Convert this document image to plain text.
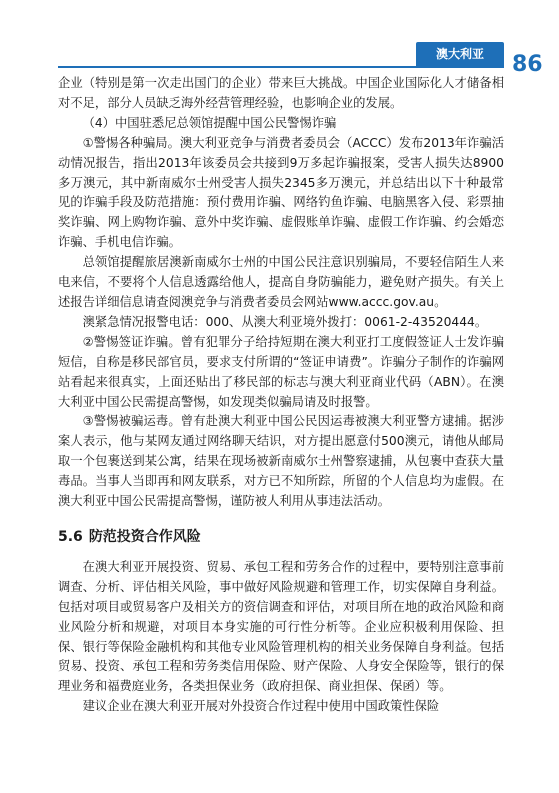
澳大利亚	86

企业（特别是第一次走出国门的企业）带来巨大挑战。中国企业国际化人才储备相对不足，部分人员缺乏海外经营管理经验，也影响企业的发展。

（4）中国驻悉尼总领馆提醒中国公民警惕诈骗

①警惕各种骗局。澳大利亚竞争与消费者委员会（ACCC）发布2013年诈骗活动情况报告，指出2013年该委员会共接到9万多起诈骗报案，受害人损失达8900多万澳元，其中新南威尔士州受害人损失2345多万澳元，并总结出以下十种最常见的诈骗手段及防范措施：预付费用诈骗、网络钓鱼诈骗、电脑黑客入侵、彩票抽奖诈骗、网上购物诈骗、意外中奖诈骗、虚假账单诈骗、虚假工作诈骗、约会婚恋诈骗、手机电信诈骗。

总领馆提醒旅居澳新南威尔士州的中国公民注意识别骗局，不要轻信陌生人来电来信，不要将个人信息透露给他人，提高自身防骗能力，避免财产损失。有关上述报告详细信息请查阅澳竞争与消费者委员会网站www.accc.gov.au。

澳紧急情况报警电话：000、从澳大利亚境外拨打：0061-2-43520444。

②警惕签证诈骗。曾有犯罪分子给持短期在澳大利亚打工度假签证人士发诈骗短信，自称是移民部官员，要求支付所谓的“签证申请费”。诈骗分子制作的诈骗网站看起来很真实，上面还贴出了移民部的标志与澳大利亚商业代码（ABN）。在澳大利亚中国公民需提高警惕，如发现类似骗局请及时报警。

③警惕被骗运毒。曾有赴澳大利亚中国公民因运毒被澳大利亚警方逮捕。据涉案人表示，他与某网友通过网络聊天结识，对方提出愿意付500澳元，请他从邮局取一个包裹送到某公寓，结果在现场被新南威尔士州警察逮捕，从包裹中查获大量毒品。当事人当即再和网友联系，对方已不知所踪，所留的个人信息均为虚假。在澳大利亚中国公民需提高警惕，谨防被人利用从事违法活动。

5.6 防范投资合作风险

在澳大利亚开展投资、贸易、承包工程和劳务合作的过程中，要特别注意事前调查、分析、评估相关风险，事中做好风险规避和管理工作，切实保障自身利益。包括对项目或贸易客户及相关方的资信调查和评估，对项目所在地的政治风险和商业风险分析和规避，对项目本身实施的可行性分析等。企业应积极利用保险、担保、银行等保险金融机构和其他专业风险管理机构的相关业务保障自身利益。包括贸易、投资、承包工程和劳务类信用保险、财产保险、人身安全保险等，银行的保理业务和福费庭业务，各类担保业务（政府担保、商业担保、保函）等。

建议企业在澳大利亚开展对外投资合作过程中使用中国政策性保险
